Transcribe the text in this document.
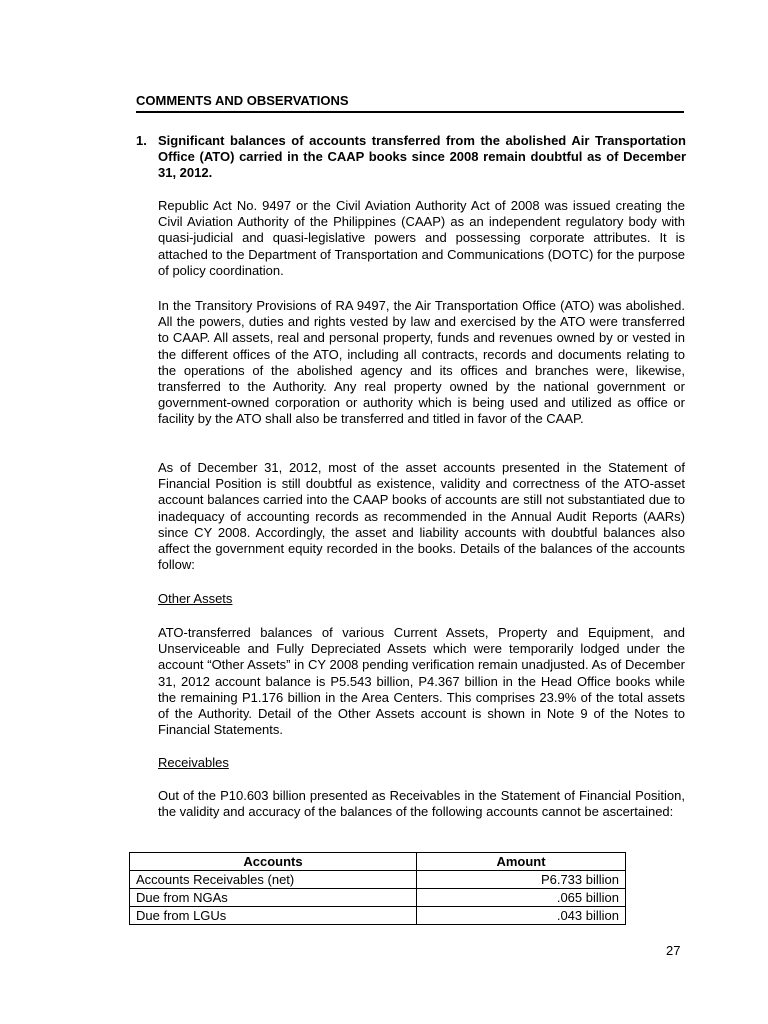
COMMENTS AND OBSERVATIONS
1. Significant balances of accounts transferred from the abolished Air Transportation Office (ATO) carried in the CAAP books since 2008 remain doubtful as of December 31, 2012.

Republic Act No. 9497 or the Civil Aviation Authority Act of 2008 was issued creating the Civil Aviation Authority of the Philippines (CAAP) as an independent regulatory body with quasi-judicial and quasi-legislative powers and possessing corporate attributes. It is attached to the Department of Transportation and Communications (DOTC) for the purpose of policy coordination.

In the Transitory Provisions of RA 9497, the Air Transportation Office (ATO) was abolished. All the powers, duties and rights vested by law and exercised by the ATO were transferred to CAAP. All assets, real and personal property, funds and revenues owned by or vested in the different offices of the ATO, including all contracts, records and documents relating to the operations of the abolished agency and its offices and branches were, likewise, transferred to the Authority. Any real property owned by the national government or government-owned corporation or authority which is being used and utilized as office or facility by the ATO shall also be transferred and titled in favor of the CAAP.

As of December 31, 2012, most of the asset accounts presented in the Statement of Financial Position is still doubtful as existence, validity and correctness of the ATO-asset account balances carried into the CAAP books of accounts are still not substantiated due to inadequacy of accounting records as recommended in the Annual Audit Reports (AARs) since CY 2008. Accordingly, the asset and liability accounts with doubtful balances also affect the government equity recorded in the books. Details of the balances of the accounts follow:

Other Assets

ATO-transferred balances of various Current Assets, Property and Equipment, and Unserviceable and Fully Depreciated Assets which were temporarily lodged under the account “Other Assets” in CY 2008 pending verification remain unadjusted. As of December 31, 2012 account balance is P5.543 billion, P4.367 billion in the Head Office books while the remaining P1.176 billion in the Area Centers. This comprises 23.9% of the total assets of the Authority. Detail of the Other Assets account is shown in Note 9 of the Notes to Financial Statements.

Receivables

Out of the P10.603 billion presented as Receivables in the Statement of Financial Position, the validity and accuracy of the balances of the following accounts cannot be ascertained:

Accounts	Amount
Accounts Receivables (net)	P6.733 billion
Due from NGAs	.065 billion
Due from LGUs	.043 billion
27
